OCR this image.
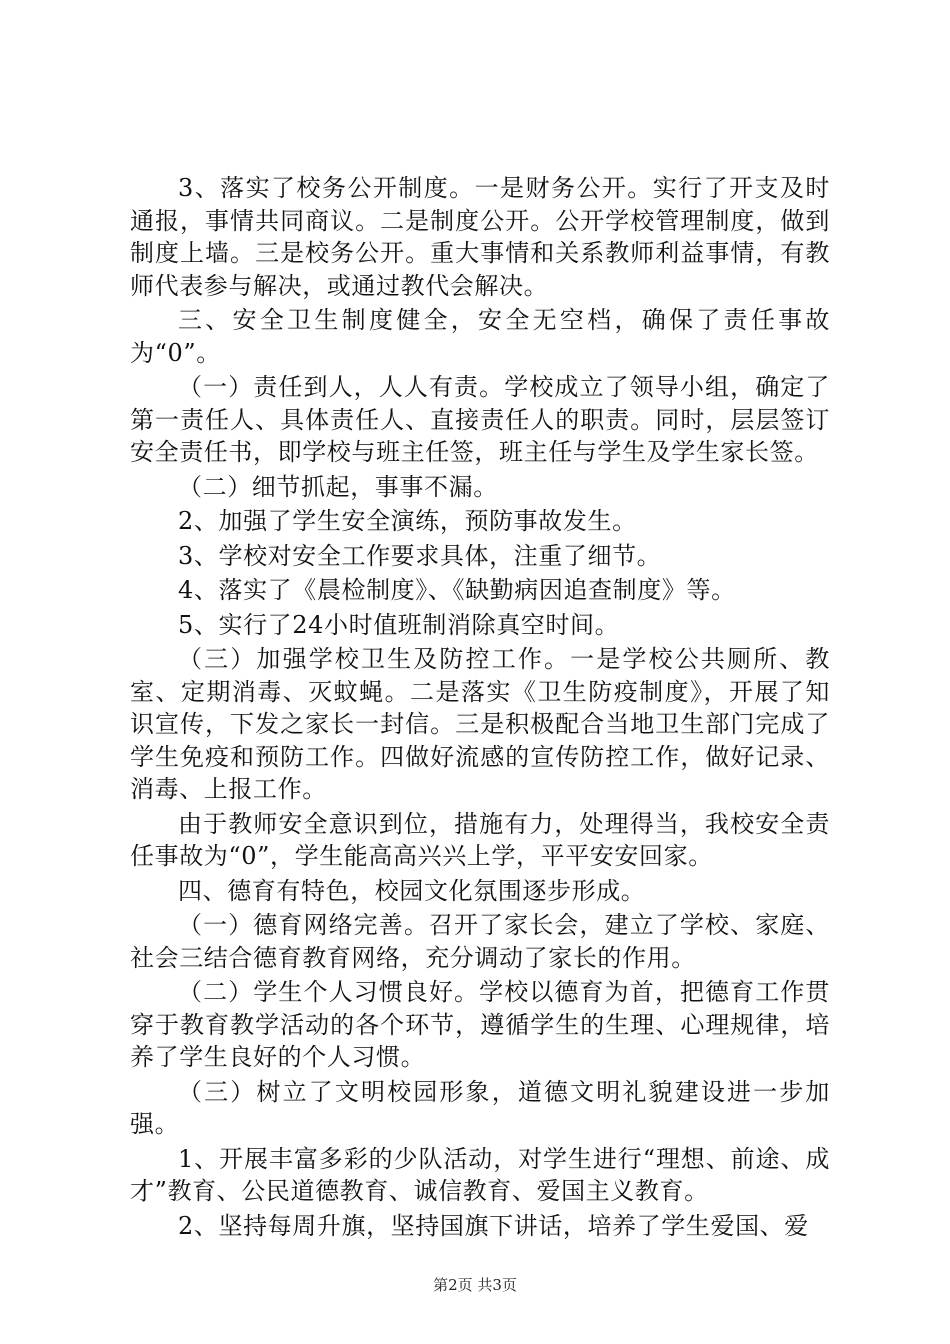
3、落实了校务公开制度。一是财务公开。实行了开支及时通报，事情共同商议。二是制度公开。公开学校管理制度，做到制度上墙。三是校务公开。重大事情和关系教师利益事情，有教师代表参与解决，或通过教代会解决。

三、安全卫生制度健全，安全无空档，确保了责任事故为“0”。

（一）责任到人，人人有责。学校成立了领导小组，确定了第一责任人、具体责任人、直接责任人的职责。同时，层层签订安全责任书，即学校与班主任签，班主任与学生及学生家长签。

（二）细节抓起，事事不漏。

2、加强了学生安全演练，预防事故发生。

3、学校对安全工作要求具体，注重了细节。

4、落实了《晨检制度》、《缺勤病因追查制度》等。

5、实行了24小时值班制消除真空时间。

（三）加强学校卫生及防控工作。一是学校公共厕所、教室、定期消毒、灭蚊蝇。二是落实《卫生防疫制度》，开展了知识宣传，下发之家长一封信。三是积极配合当地卫生部门完成了学生免疫和预防工作。四做好流感的宣传防控工作，做好记录、消毒、上报工作。

由于教师安全意识到位，措施有力，处理得当，我校安全责任事故为“0”，学生能高高兴兴上学，平平安安回家。

四、德育有特色，校园文化氛围逐步形成。

（一）德育网络完善。召开了家长会，建立了学校、家庭、社会三结合德育教育网络，充分调动了家长的作用。

（二）学生个人习惯良好。学校以德育为首，把德育工作贯穿于教育教学活动的各个环节，遵循学生的生理、心理规律，培养了学生良好的个人习惯。

（三）树立了文明校园形象，道德文明礼貌建设进一步加强。

1、开展丰富多彩的少队活动，对学生进行“理想、前途、成才”教育、公民道德教育、诚信教育、爱国主义教育。

2、坚持每周升旗，坚持国旗下讲话，培养了学生爱国、爱

第2页 共3页
